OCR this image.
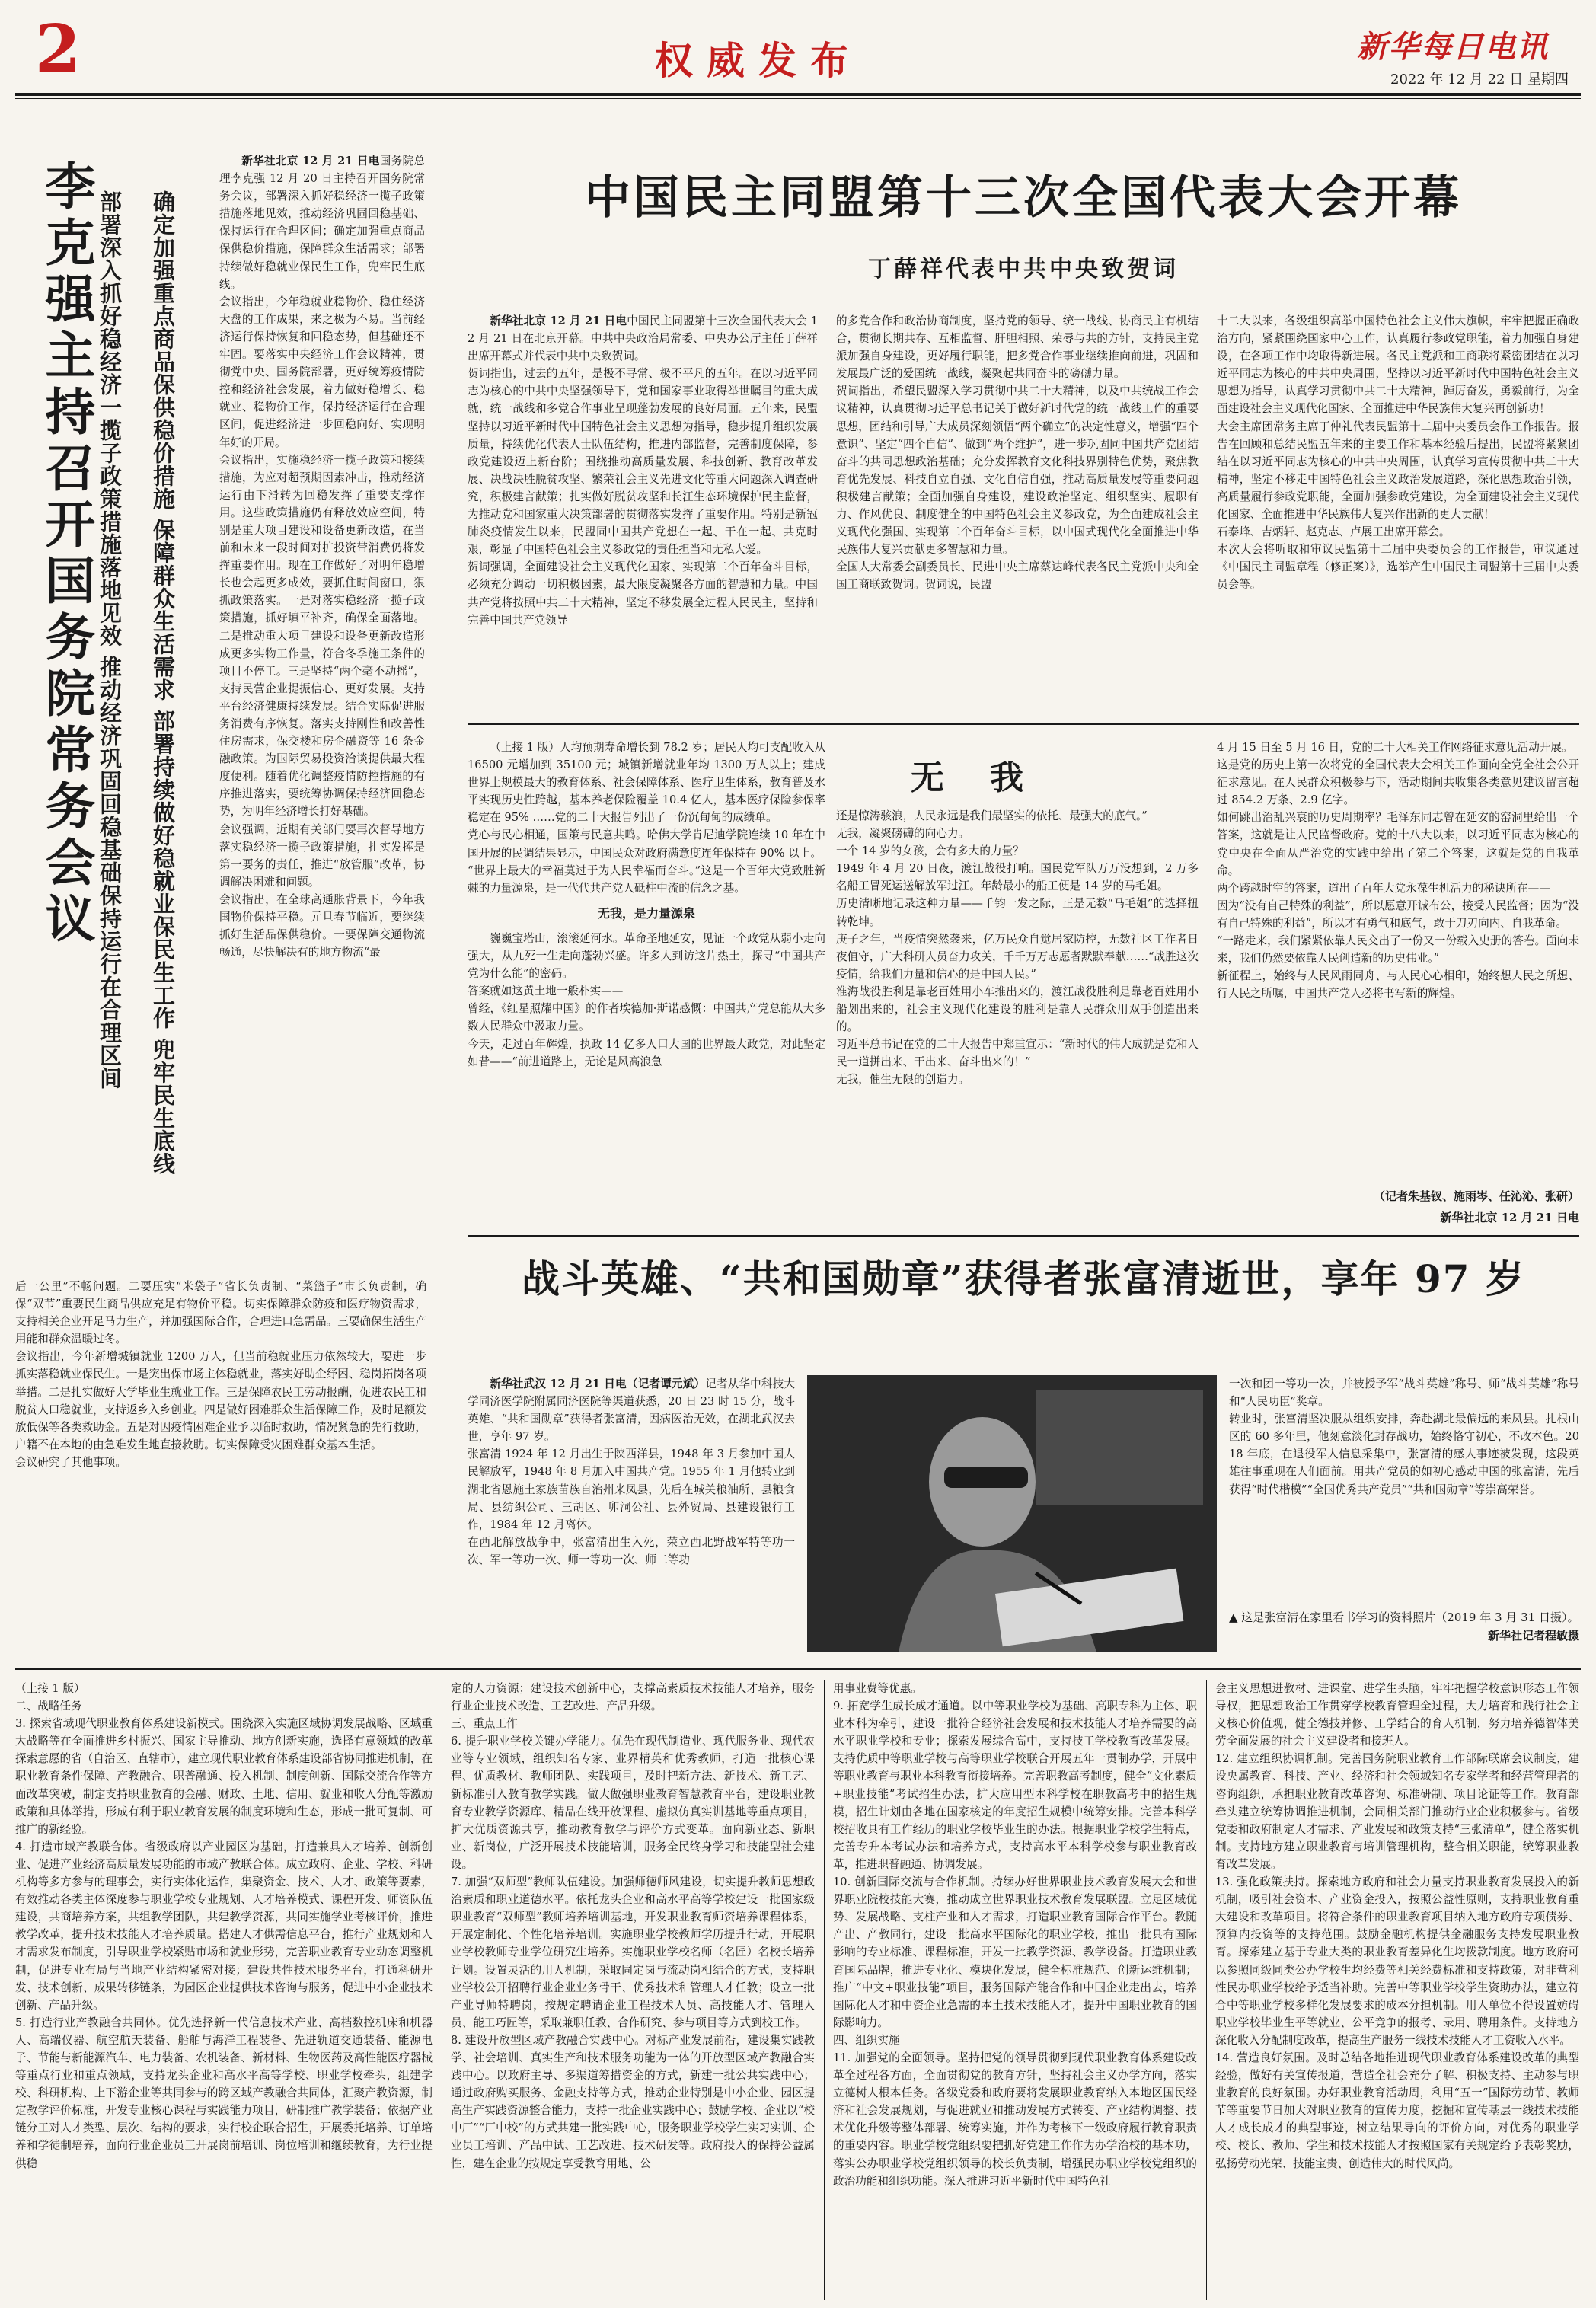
2	权威发布	新华每日电讯
2022 年 12 月 22 日 星期四
李克强主持召开国务院常务会议 部署深入抓好稳经济一揽子政策措施落地见效 推动经济巩固回稳基础保持运行在合理区间 确定加强重点商品保供稳价措施 保障群众生活需求 部署持续做好稳就业保民生工作 兜牢民生底线

新华社北京 12 月 21 日电国务院总理李克强 12 月 20 日主持召开国务院常务会议，部署深入抓好稳经济一揽子政策措施落地见效，推动经济巩固回稳基础、保持运行在合理区间；确定加强重点商品保供稳价措施，保障群众生活需求；部署持续做好稳就业保民生工作，兜牢民生底线。
会议指出，今年稳就业稳物价、稳住经济大盘的工作成果，来之极为不易。当前经济运行保持恢复和回稳态势，但基础还不牢固。要落实中央经济工作会议精神，贯彻党中央、国务院部署，更好统筹疫情防控和经济社会发展，着力做好稳增长、稳就业、稳物价工作，保持经济运行在合理区间，促进经济进一步回稳向好、实现明年好的开局。
会议指出，实施稳经济一揽子政策和接续措施，为应对超预期因素冲击，推动经济运行由下滑转为回稳发挥了重要支撑作用。这些政策措施仍有释放效应空间，特别是重大项目建设和设备更新改造，在当前和未来一段时间对扩投资带消费仍将发挥重要作用。现在工作做好了对明年稳增长也会起更多成效，要抓住时间窗口，狠抓政策落实。一是对落实稳经济一揽子政策措施，抓好填平补齐，确保全面落地。二是推动重大项目建设和设备更新改造形成更多实物工作量，符合冬季施工条件的项目不停工。三是坚持“两个毫不动摇”，支持民营企业提振信心、更好发展。支持平台经济健康持续发展。结合实际促进服务消费有序恢复。落实支持刚性和改善性住房需求，保交楼和房企融资等 16 条金融政策。为国际贸易投资洽谈提供最大程度便利。随着优化调整疫情防控措施的有序推进落实，要统筹协调保持经济回稳态势，为明年经济增长打好基础。
会议强调，近期有关部门要再次督导地方落实稳经济一揽子政策措施，扎实发挥是第一要务的责任，推进“放管服”改革，协调解决困难和问题。
会议指出，在全球高通胀背景下，今年我国物价保持平稳。元旦春节临近，要继续抓好生活品保供稳价。一要保障交通物流畅通，尽快解决有的地方物流“最

后一公里”不畅问题。二要压实“米袋子”省长负责制、“菜篮子”市长负责制，确保“双节”重要民生商品供应充足有物价平稳。切实保障群众防疫和医疗物资需求，支持相关企业开足马力生产，并加强国际合作，合理进口急需品。三要确保生活生产用能和群众温暖过冬。
会议指出，今年新增城镇就业 1200 万人，但当前稳就业压力依然较大，要进一步抓实落稳就业保民生。一是突出保市场主体稳就业，落实好助企纾困、稳岗拓岗各项举措。二是扎实做好大学毕业生就业工作。三是保障农民工劳动报酬，促进农民工和脱贫人口稳就业，支持返乡入乡创业。四是做好困难群众生活保障工作，及时足额发放低保等各类救助金。五是对因疫情困难企业予以临时救助，情况紧急的先行救助，户籍不在本地的由急难发生地直接救助。切实保障受灾困难群众基本生活。
会议研究了其他事项。
中国民主同盟第十三次全国代表大会开幕
丁薛祥代表中共中央致贺词

新华社北京 12 月 21 日电中国民主同盟第十三次全国代表大会 12 月 21 日在北京开幕。中共中央政治局常委、中央办公厅主任丁薛祥出席开幕式并代表中共中央致贺词。
贺词指出，过去的五年，是极不寻常、极不平凡的五年。在以习近平同志为核心的中共中央坚强领导下，党和国家事业取得举世瞩目的重大成就，统一战线和多党合作事业呈现蓬勃发展的良好局面。五年来，民盟坚持以习近平新时代中国特色社会主义思想为指导，稳步提升组织发展质量，持续优化代表人士队伍结构，推进内部监督，完善制度保障，参政党建设迈上新台阶；围绕推动高质量发展、科技创新、教育改革发展、决战决胜脱贫攻坚、繁荣社会主义先进文化等重大问题深入调查研究，积极建言献策；扎实做好脱贫攻坚和长江生态环境保护民主监督，为推动党和国家重大决策部署的贯彻落实发挥了重要作用。特别是新冠肺炎疫情发生以来，民盟同中国共产党想在一起、干在一起、共克时艰，彰显了中国特色社会主义参政党的责任担当和无私大爱。
贺词强调，全面建设社会主义现代化国家、实现第二个百年奋斗目标，必须充分调动一切积极因素，最大限度凝聚各方面的智慧和力量。中国共产党将按照中共二十大精神，坚定不移发展全过程人民民主，坚持和完善中国共产党领导

的多党合作和政治协商制度，坚持党的领导、统一战线、协商民主有机结合，贯彻长期共存、互相监督、肝胆相照、荣辱与共的方针，支持民主党派加强自身建设，更好履行职能，把多党合作事业继续推向前进，巩固和发展最广泛的爱国统一战线，凝聚起共同奋斗的磅礴力量。
贺词指出，希望民盟深入学习贯彻中共二十大精神，以及中共统战工作会议精神，认真贯彻习近平总书记关于做好新时代党的统一战线工作的重要思想，团结和引导广大成员深刻领悟“两个确立”的决定性意义，增强“四个意识”、坚定“四个自信”、做到“两个维护”，进一步巩固同中国共产党团结奋斗的共同思想政治基础；充分发挥教育文化科技界别特色优势，聚焦教育优先发展、科技自立自强、文化自信自强，推动高质量发展等重要问题积极建言献策；全面加强自身建设，建设政治坚定、组织坚实、履职有力、作风优良、制度健全的中国特色社会主义参政党，为全面建成社会主义现代化强国、实现第二个百年奋斗目标，以中国式现代化全面推进中华民族伟大复兴贡献更多智慧和力量。
全国人大常委会副委员长、民进中央主席蔡达峰代表各民主党派中央和全国工商联致贺词。贺词说，民盟
十二大以来，各级组织高举中国特色社会主义伟大旗帜，牢牢把握正确政治方向，紧紧围绕国家中心工作，认真履行参政党职能，着力加强自身建设，在各项工作中均取得新进展。各民主党派和工商联将紧密团结在以习近平同志为核心的中共中央周围，坚持以习近平新时代中国特色社会主义思想为指导，认真学习贯彻中共二十大精神，踔厉奋发，勇毅前行，为全面建设社会主义现代化国家、全面推进中华民族伟大复兴再创新功！
大会主席团常务主席丁仲礼代表民盟第十二届中央委员会作工作报告。报告在回顾和总结民盟五年来的主要工作和基本经验后提出，民盟将紧紧团结在以习近平同志为核心的中共中央周围，认真学习宣传贯彻中共二十大精神，坚定不移走中国特色社会主义政治发展道路，深化思想政治引领，高质量履行参政党职能，全面加强参政党建设，为全面建设社会主义现代化国家、全面推进中华民族伟大复兴作出新的更大贡献！
石泰峰、吉炳轩、赵克志、卢展工出席开幕会。
本次大会将听取和审议民盟第十二届中央委员会的工作报告，审议通过《中国民主同盟章程（修正案）》，选举产生中国民主同盟第十三届中央委员会等。
（上接 1 版）人均预期寿命增长到 78.2 岁；居民人均可支配收入从 16500 元增加到 35100 元；城镇新增就业年均 1300 万人以上；建成世界上规模最大的教育体系、社会保障体系、医疗卫生体系，教育普及水平实现历史性跨越，基本养老保险覆盖 10.4 亿人，基本医疗保险参保率稳定在 95% ……党的二十大报告列出了一份沉甸甸的成绩单。
党心与民心相通，国策与民意共鸣。哈佛大学肯尼迪学院连续 10 年在中国开展的民调结果显示，中国民众对政府满意度连年保持在 90% 以上。
“世界上最大的幸福莫过于为人民幸福而奋斗。”这是一个百年大党致胜新棘的力量源泉，是一代代共产党人砥柱中流的信念之基。
无我，是力量源泉
巍巍宝塔山，滚滚延河水。革命圣地延安，见证一个政党从弱小走向强大，从九死一生走向蓬勃兴盛。许多人到访这片热土，探寻“中国共产党为什么能”的密码。
答案就如这黄土地一般朴实——
曾经，《红星照耀中国》的作者埃德加·斯诺感慨：中国共产党总能从大多数人民群众中汲取力量。
今天，走过百年辉煌，执政 14 亿多人口大国的世界最大政党，对此坚定如昔——“前进道路上，无论是风高浪急
无我
还是惊涛骇浪，人民永远是我们最坚实的依托、最强大的底气。”
无我，凝聚磅礴的向心力。
一个 14 岁的女孩，会有多大的力量？
1949 年 4 月 20 日夜，渡江战役打响。国民党军队万万没想到，2 万多名船工冒死运送解放军过江。年龄最小的船工便是 14 岁的马毛姐。
历史清晰地记录这种力量——千钧一发之际，正是无数“马毛姐”的选择扭转乾坤。
庚子之年，当疫情突然袭来，亿万民众自觉居家防控，无数社区工作者日夜值守，广大科研人员奋力攻关，千千万万志愿者默默奉献……“战胜这次疫情，给我们力量和信心的是中国人民。”
淮海战役胜利是靠老百姓用小车推出来的，渡江战役胜利是靠老百姓用小船划出来的，社会主义现代化建设的胜利是靠人民群众用双手创造出来的。
习近平总书记在党的二十大报告中郑重宣示：“新时代的伟大成就是党和人民一道拼出来、干出来、奋斗出来的！”
无我，催生无限的创造力。
4 月 15 日至 5 月 16 日，党的二十大相关工作网络征求意见活动开展。
这是党的历史上第一次将党的全国代表大会相关工作面向全党全社会公开征求意见。在人民群众积极参与下，活动期间共收集各类意见建议留言超过 854.2 万条、2.9 亿字。
如何跳出治乱兴衰的历史周期率？毛泽东同志曾在延安的窑洞里给出一个答案，这就是让人民监督政府。党的十八大以来，以习近平同志为核心的党中央在全面从严治党的实践中给出了第二个答案，这就是党的自我革命。
两个跨越时空的答案，道出了百年大党永葆生机活力的秘诀所在——
因为“没有自己特殊的利益”，所以愿意开诚布公，接受人民监督；因为“没有自己特殊的利益”，所以才有勇气和底气，敢于刀刃向内、自我革命。
“一路走来，我们紧紧依靠人民交出了一份又一份载入史册的答卷。面向未来，我们仍然要依靠人民创造新的历史伟业。”
新征程上，始终与人民风雨同舟、与人民心心相印，始终想人民之所想、行人民之所嘱，中国共产党人必将书写新的辉煌。
（记者朱基钗、施雨岑、任沁沁、张研）
新华社北京 12 月 21 日电
战斗英雄、“共和国勋章”获得者张富清逝世，享年 97 岁

新华社武汉 12 月 21 日电（记者谭元斌）记者从华中科技大学同济医学院附属同济医院等渠道获悉，20 日 23 时 15 分，战斗英雄、“共和国勋章”获得者张富清，因病医治无效，在湖北武汉去世，享年 97 岁。
张富清 1924 年 12 月出生于陕西洋县，1948 年 3 月参加中国人民解放军，1948 年 8 月加入中国共产党。1955 年 1 月他转业到湖北省恩施土家族苗族自治州来凤县，先后在城关粮油所、县粮食局、县纺织公司、三胡区、卯洞公社、县外贸局、县建设银行工作，1984 年 12 月离休。
在西北解放战争中，张富清出生入死，荣立西北野战军特等功一次、军一等功一次、师一等功一次、师二等功

一次和团一等功一次，并被授予军“战斗英雄”称号、师“战斗英雄”称号和“人民功臣”奖章。
转业时，张富清坚决服从组织安排，奔赴湖北最偏远的来凤县。扎根山区的 60 多年里，他刻意淡化封存战功，始终恪守初心，不改本色。2018 年底，在退役军人信息采集中，张富清的感人事迹被发现，这段英雄往事重现在人们面前。用共产党员的如初心感动中国的张富清，先后获得“时代楷模”“全国优秀共产党员”“共和国勋章”等崇高荣誉。
▲ 这是张富清在家里看书学习的资料照片（2019 年 3 月 31 日摄）。
新华社记者程敏摄
（上接 1 版）
二、战略任务
3. 探索省域现代职业教育体系建设新模式。围绕深入实施区域协调发展战略、区域重大战略等在全面推进乡村振兴、国家主导推动、地方创新实施，选择有意领域的改革探索意愿的省（自治区、直辖市），建立现代职业教育体系建设部省协同推进机制，在职业教育条件保障、产教融合、职普融通、投入机制、制度创新、国际交流合作等方面改革突破，制定支持职业教育的金融、财政、土地、信用、就业和收入分配等激励政策和具体举措，形成有利于职业教育发展的制度环境和生态，形成一批可复制、可推广的新经验。
4. 打造市域产教联合体。省级政府以产业园区为基础，打造兼具人才培养、创新创业、促进产业经济高质量发展功能的市域产教联合体。成立政府、企业、学校、科研机构等多方参与的理事会，实行实体化运作，集聚资金、技术、人才、政策等要素，有效推动各类主体深度参与职业学校专业规划、人才培养模式、课程开发、师资队伍建设，共商培养方案，共组教学团队，共建教学资源，共同实施学业考核评价，推进教学改革，提升技术技能人才培养质量。搭建人才供需信息平台，推行产业规划和人才需求发布制度，引导职业学校紧贴市场和就业形势，完善职业教育专业动态调整机制，促进专业布局与当地产业结构紧密对接；建设共性技术服务平台，打通科研开发、技术创新、成果转移链条，为园区企业提供技术咨询与服务，促进中小企业技术创新、产品升级。
5. 打造行业产教融合共同体。优先选择新一代信息技术产业、高档数控机床和机器人、高端仪器、航空航天装备、船舶与海洋工程装备、先进轨道交通装备、能源电子、节能与新能源汽车、电力装备、农机装备、新材料、生物医药及高性能医疗器械等重点行业和重点领域，支持龙头企业和高水平高等学校、职业学校牵头，组建学校、科研机构、上下游企业等共同参与的跨区域产教融合共同体，汇聚产教资源，制定教学评价标准，开发专业核心课程与实践能力项目，研制推广教学装备；依据产业链分工对人才类型、层次、结构的要求，实行校企联合招生，开展委托培养、订单培养和学徒制培养，面向行业企业员工开展岗前培训、岗位培训和继续教育，为行业提供稳
定的人力资源；建设技术创新中心，支撑高素质技术技能人才培养，服务行业企业技术改造、工艺改进、产品升级。
三、重点工作
6. 提升职业学校关键办学能力。优先在现代制造业、现代服务业、现代农业等专业领域，组织知名专家、业界精英和优秀教师，打造一批核心课程、优质教材、教师团队、实践项目，及时把新方法、新技术、新工艺、新标准引入教育教学实践。做大做强职业教育智慧教育平台，建设职业教育专业教学资源库、精品在线开放课程、虚拟仿真实训基地等重点项目，扩大优质资源共享，推动教育教学与评价方式变革。面向新业态、新职业、新岗位，广泛开展技术技能培训，服务全民终身学习和技能型社会建设。
7. 加强“双师型”教师队伍建设。加强师德师风建设，切实提升教师思想政治素质和职业道德水平。依托龙头企业和高水平高等学校建设一批国家级职业教育“双师型”教师培养培训基地，开发职业教育师资培养课程体系，开展定制化、个性化培养培训。实施职业学校教师学历提升行动，开展职业学校教师专业学位研究生培养。实施职业学校名师（名匠）名校长培养计划。设置灵活的用人机制，采取固定岗与流动岗相结合的方式，支持职业学校公开招聘行业企业业务骨干、优秀技术和管理人才任教；设立一批产业导师特聘岗，按规定聘请企业工程技术人员、高技能人才、管理人员、能工巧匠等，采取兼职任教、合作研究、参与项目等方式到校工作。
8. 建设开放型区域产教融合实践中心。对标产业发展前沿，建设集实践教学、社会培训、真实生产和技术服务功能为一体的开放型区域产教融合实践中心。以政府主导、多渠道筹措资金的方式，新建一批公共实践中心；通过政府购买服务、金融支持等方式，推动企业特别是中小企业、园区提高生产实践资源整合能力，支持一批企业实践中心；鼓励学校、企业以“校中厂”“厂中校”的方式共建一批实践中心，服务职业学校学生实习实训、企业员工培训、产品中试、工艺改进、技术研发等。政府投入的保持公益属性，建在企业的按规定享受教育用地、公
用事业费等优惠。
9. 拓宽学生成长成才通道。以中等职业学校为基础、高职专科为主体、职业本科为牵引，建设一批符合经济社会发展和技术技能人才培养需要的高水平职业学校和专业；探索发展综合高中，支持技工学校教育改革发展。支持优质中等职业学校与高等职业学校联合开展五年一贯制办学，开展中等职业教育与职业本科教育衔接培养。完善职教高考制度，健全“文化素质+职业技能”考试招生办法，扩大应用型本科学校在职教高考中的招生规模，招生计划由各地在国家核定的年度招生规模中统筹安排。完善本科学校招收具有工作经历的职业学校毕业生的办法。根据职业学校学生特点，完善专升本考试办法和培养方式，支持高水平本科学校参与职业教育改革，推进职普融通、协调发展。
10. 创新国际交流与合作机制。持续办好世界职业技术教育发展大会和世界职业院校技能大赛，推动成立世界职业技术教育发展联盟。立足区域优势、发展战略、支柱产业和人才需求，打造职业教育国际合作平台。教随产出、产教同行，建设一批高水平国际化的职业学校，推出一批具有国际影响的专业标准、课程标准，开发一批教学资源、教学设备。打造职业教育国际品牌，推进专业化、模块化发展，健全标准规范、创新运维机制；推广“中文+职业技能”项目，服务国际产能合作和中国企业走出去，培养国际化人才和中资企业急需的本土技术技能人才，提升中国职业教育的国际影响力。
四、组织实施
11. 加强党的全面领导。坚持把党的领导贯彻到现代职业教育体系建设改革全过程各方面，全面贯彻党的教育方针，坚持社会主义办学方向，落实立德树人根本任务。各级党委和政府要将发展职业教育纳入本地区国民经济和社会发展规划，与促进就业和推动发展方式转变、产业结构调整、技术优化升级等整体部署、统筹实施，并作为考核下一级政府履行教育职责的重要内容。职业学校党组织要把抓好党建工作作为办学治校的基本功，落实公办职业学校党组织领导的校长负责制，增强民办职业学校党组织的政治功能和组织功能。深入推进习近平新时代中国特色社
会主义思想进教材、进课堂、进学生头脑，牢牢把握学校意识形态工作领导权，把思想政治工作贯穿学校教育管理全过程，大力培育和践行社会主义核心价值观，健全德技并修、工学结合的育人机制，努力培养德智体美劳全面发展的社会主义建设者和接班人。
12. 建立组织协调机制。完善国务院职业教育工作部际联席会议制度，建设央属教育、科技、产业、经济和社会领域知名专家学者和经营管理者的咨询组织，承担职业教育改革咨询、标准研制、项目论证等工作。教育部牵头建立统筹协调推进机制，会同相关部门推动行业企业积极参与。省级党委和政府制定人才需求、产业发展和政策支持“三张清单”，健全落实机制。支持地方建立职业教育与培训管理机构，整合相关职能，统筹职业教育改革发展。
13. 强化政策扶持。探索地方政府和社会力量支持职业教育发展投入的新机制，吸引社会资本、产业资金投入，按照公益性原则，支持职业教育重大建设和改革项目。将符合条件的职业教育项目纳入地方政府专项债券、预算内投资等的支持范围。鼓励金融机构提供金融服务支持发展职业教育。探索建立基于专业大类的职业教育差异化生均拨款制度。地方政府可以参照同级同类公办学校生均经费等相关经费标准和支持政策，对非营利性民办职业学校给予适当补助。完善中等职业学校学生资助办法，建立符合中等职业学校多样化发展要求的成本分担机制。用人单位不得设置妨碍职业学校毕业生平等就业、公平竞争的报考、录用、聘用条件。支持地方深化收入分配制度改革，提高生产服务一线技术技能人才工资收入水平。
14. 营造良好氛围。及时总结各地推进现代职业教育体系建设改革的典型经验，做好有关宣传报道，营造全社会充分了解、积极支持、主动参与职业教育的良好氛围。办好职业教育活动周，利用“五一”国际劳动节、教师节等重要节日加大对职业教育的宣传力度，挖掘和宣传基层一线技术技能人才成长成才的典型事迹，树立结果导向的评价方向，对优秀的职业学校、校长、教师、学生和技术技能人才按照国家有关规定给予表彰奖励，弘扬劳动光荣、技能宝贵、创造伟大的时代风尚。
